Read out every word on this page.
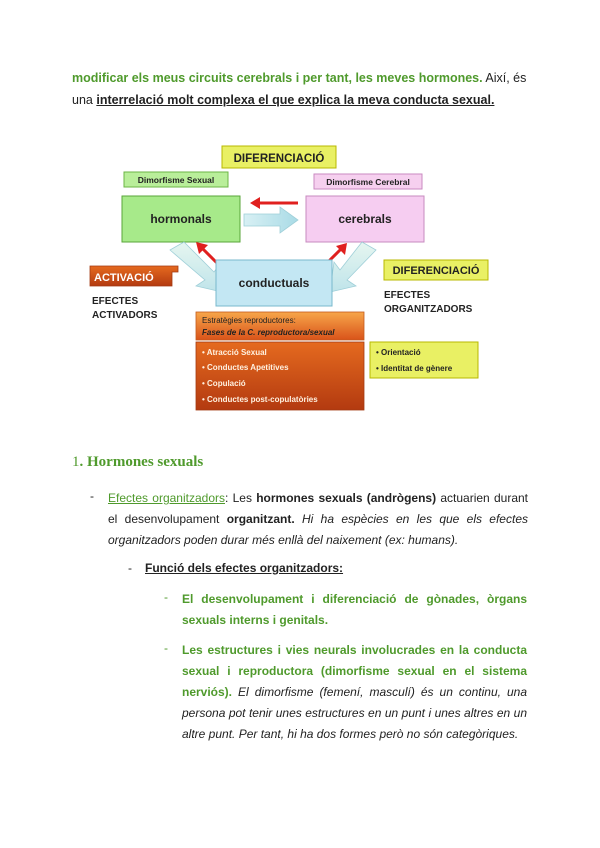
modificar els meus circuits cerebrals i per tant, les meves hormones. Així, és una interrelació molt complexa el que explica la meva conducta sexual.
DIFERENCIACIÓ
Dimorfisme Sexual	Dimorfisme Cerebral
hormonals	cerebrals
conductuals
ACTIVACIÓ
EFECTES
ACTIVADORS
DIFERENCIACIÓ
EFECTES
ORGANITZADORS
Estratègies reproductores:
Fases de la C. reproductora/sexual
• Atracció Sexual
• Conductes Apetitives
• Copulació
• Conductes post-copulatòries
• Orientació
• Identitat de gènere
1. Hormones sexuals
- Efectes organitzadors: Les hormones sexuals (andrògens) actuarien durant el desenvolupament organitzant. Hi ha espècies en les que els efectes organitzadors poden durar més enllà del naixement (ex: humans).
- Funció dels efectes organitzadors:
- El desenvolupament i diferenciació de gònades, òrgans sexuals interns i genitals.
- Les estructures i vies neurals involucrades en la conducta sexual i reproductora (dimorfisme sexual en el sistema nerviós). El dimorfisme (femení, masculí) és un continu, una persona pot tenir unes estructures en un punt i unes altres en un altre punt. Per tant, hi ha dos formes però no són categòriques.
